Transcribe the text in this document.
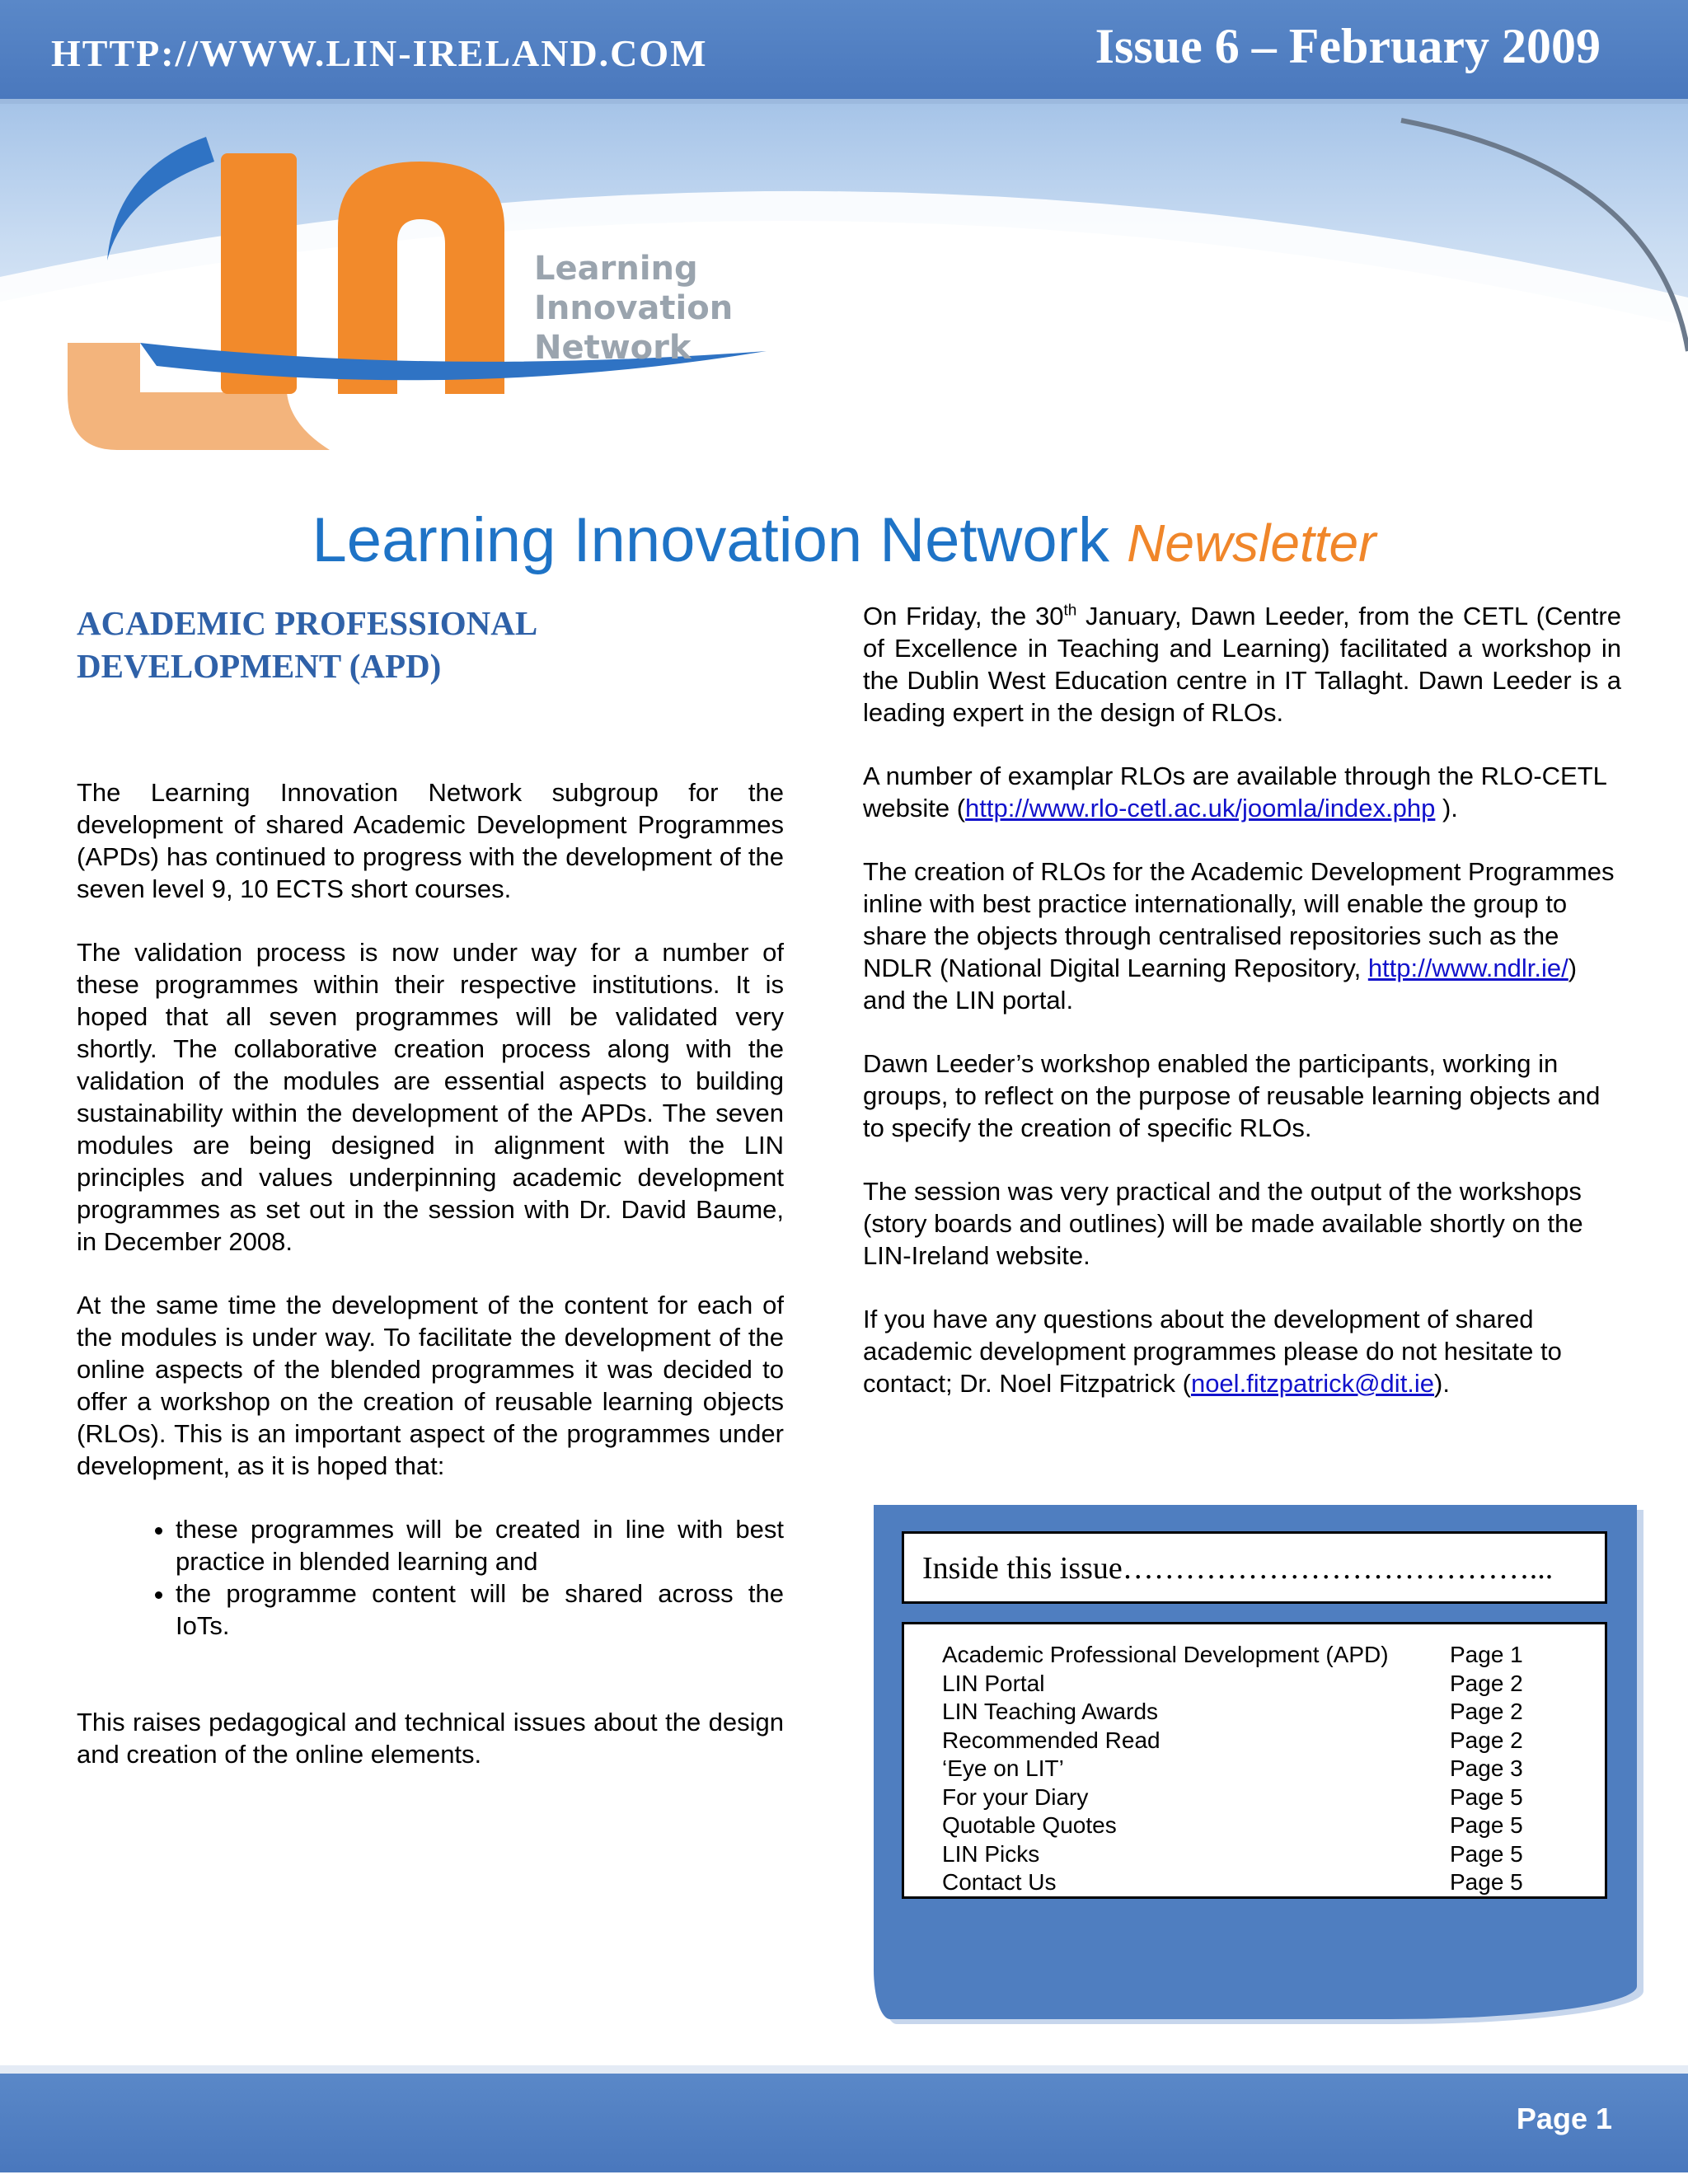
HTTP://WWW.LIN-IRELAND.COM	Issue 6 – February 2009
Learning
Innovation
Network
Learning Innovation Network Newsletter
ACADEMIC PROFESSIONAL DEVELOPMENT (APD)

The Learning Innovation Network subgroup for the development of shared Academic Development Programmes (APDs) has continued to progress with the development of the seven level 9, 10 ECTS short courses.

The validation process is now under way for a number of these programmes within their respective institutions. It is hoped that all seven programmes will be validated very shortly. The collaborative creation process along with the validation of the modules are essential aspects to building sustainability within the development of the APDs. The seven modules are being designed in alignment with the LIN principles and values underpinning academic development programmes as set out in the session with Dr. David Baume, in December 2008.

At the same time the development of the content for each of the modules is under way. To facilitate the development of the online aspects of the blended programmes it was decided to offer a workshop on the creation of reusable learning objects (RLOs). This is an important aspect of the programmes under development, as it is hoped that:

• these programmes will be created in line with best practice in blended learning and
• the programme content will be shared across the IoTs.

This raises pedagogical and technical issues about the design and creation of the online elements.

On Friday, the 30th January, Dawn Leeder, from the CETL (Centre of Excellence in Teaching and Learning) facilitated a workshop in the Dublin West Education centre in IT Tallaght. Dawn Leeder is a leading expert in the design of RLOs.

A number of examplar RLOs are available through the RLO-CETL website (http://www.rlo-cetl.ac.uk/joomla/index.php ).

The creation of RLOs for the Academic Development Programmes inline with best practice internationally, will enable the group to share the objects through centralised repositories such as the NDLR (National Digital Learning Repository, http://www.ndlr.ie/) and the LIN portal.

Dawn Leeder’s workshop enabled the participants, working in groups, to reflect on the purpose of reusable learning objects and to specify the creation of specific RLOs.

The session was very practical and the output of the workshops (story boards and outlines) will be made available shortly on the LIN-Ireland website.

If you have any questions about the development of shared academic development programmes please do not hesitate to contact; Dr. Noel Fitzpatrick (noel.fitzpatrick@dit.ie).

Inside this issue…………………………………...
Academic Professional Development (APD)	Page 1
LIN Portal	Page 2
LIN Teaching Awards	Page 2
Recommended Read	Page 2
‘Eye on LIT’	Page 3
For your Diary	Page 5
Quotable Quotes	Page 5
LIN Picks	Page 5
Contact Us	Page 5
Page 1
